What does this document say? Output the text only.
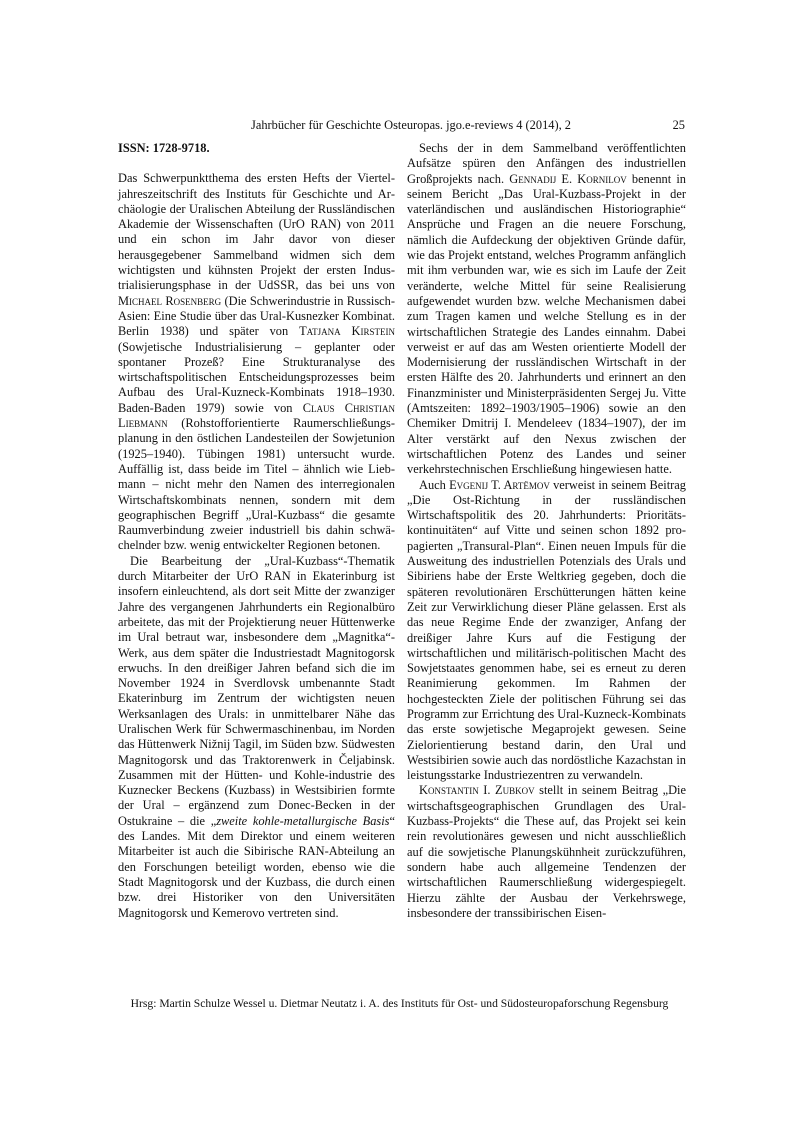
Jahrbücher für Geschichte Osteuropas. jgo.e-reviews 4 (2014), 2	25

ISSN: 1728-9718.

Das Schwerpunktthema des ersten Hefts der Vierteljahreszeitschrift des Instituts für Geschichte und Archäologie der Uralischen Abteilung der Russländischen Akademie der Wissenschaften (UrO RAN) von 2011 und ein schon im Jahr davor von dieser herausgegebener Sammelband widmen sich dem wichtigsten und kühnsten Projekt der ersten Industrialisierungsphase in der UdSSR, das bei uns von Michael Rosenberg (Die Schwerindustrie in Russisch-Asien: Eine Studie über das Ural-Kusnezker Kombinat. Berlin 1938) und später von Tatjana Kirstein (Sowjetische Industrialisierung – geplanter oder spontaner Prozeß? Eine Strukturanalyse des wirtschaftspolitischen Entscheidungsprozesses beim Aufbau des Ural-Kuzneck-Kombinats 1918–1930. Baden-Baden 1979) sowie von Claus Christian Liebmann (Rohstofforientierte Raumerschließungsplanung in den östlichen Landesteilen der Sowjetunion (1925–1940). Tübingen 1981) untersucht wurde. Auffällig ist, dass beide im Titel – ähnlich wie Liebmann – nicht mehr den Namen des interregionalen Wirtschaftskombinats nennen, sondern mit dem geographischen Begriff „Ural-Kuzbass“ die gesamte Raumverbindung zweier industriell bis dahin schwächelnder bzw. wenig entwickelter Regionen betonen.

Die Bearbeitung der „Ural-Kuzbass“-Thematik durch Mitarbeiter der UrO RAN in Ekaterinburg ist insofern einleuchtend, als dort seit Mitte der zwanziger Jahre des vergangenen Jahrhunderts ein Regionalbüro arbeitete, das mit der Projektierung neuer Hüttenwerke im Ural betraut war, insbesondere dem „Magnitka“-Werk, aus dem später die Industriestadt Magnitogorsk erwuchs. In den dreißiger Jahren befand sich die im November 1924 in Sverdlovsk umbenannte Stadt Ekaterinburg im Zentrum der wichtigsten neuen Werksanlagen des Urals: in unmittelbarer Nähe das Uralischen Werk für Schwermaschinenbau, im Norden das Hüttenwerk Nižnij Tagil, im Süden bzw. Südwesten Magnitogorsk und das Traktorenwerk in Čeljabinsk. Zusammen mit der Hütten- und Kohle-industrie des Kuznecker Beckens (Kuzbass) in Westsibirien formte der Ural – ergänzend zum Donec-Becken in der Ostukraine – die „zweite kohle-metallurgische Basis“ des Landes. Mit dem Direktor und einem weiteren Mitarbeiter ist auch die Sibirische RAN-Abteilung an den Forschungen beteiligt worden, ebenso wie die Stadt Magnitogorsk und der Kuzbass, die durch einen bzw. drei Historiker von den Universitäten Magnitogorsk und Kemerovo vertreten sind.

Sechs der in dem Sammelband veröffentlichten Aufsätze spüren den Anfängen des industriellen Großprojekts nach. Gennadij E. Kornilov benennt in seinem Bericht „Das Ural-Kuzbass-Projekt in der vaterländischen und ausländischen Historiographie“ Ansprüche und Fragen an die neuere Forschung, nämlich die Aufdeckung der objektiven Gründe dafür, wie das Projekt entstand, welches Programm anfänglich mit ihm verbunden war, wie es sich im Laufe der Zeit veränderte, welche Mittel für seine Realisierung aufgewendet wurden bzw. welche Mechanismen dabei zum Tragen kamen und welche Stellung es in der wirtschaftlichen Strategie des Landes einnahm. Dabei verweist er auf das am Westen orientierte Modell der Modernisierung der russländischen Wirtschaft in der ersten Hälfte des 20. Jahrhunderts und erinnert an den Finanzminister und Ministerpräsidenten Sergej Ju. Vitte (Amtszeiten: 1892–1903/1905–1906) sowie an den Chemiker Dmitrij I. Mendeleev (1834–1907), der im Alter verstärkt auf den Nexus zwischen der wirtschaftlichen Potenz des Landes und seiner verkehrstechnischen Erschließung hingewiesen hatte.

Auch Evgenij T. Artëmov verweist in seinem Beitrag „Die Ost-Richtung in der russländischen Wirtschaftspolitik des 20. Jahrhunderts: Prioritätskontinuitäten“ auf Vitte und seinen schon 1892 propagierten „Transural-Plan“. Einen neuen Impuls für die Ausweitung des industriellen Potenzials des Urals und Sibiriens habe der Erste Weltkrieg gegeben, doch die späteren revolutionären Erschütterungen hätten keine Zeit zur Verwirklichung dieser Pläne gelassen. Erst als das neue Regime Ende der zwanziger, Anfang der dreißiger Jahre Kurs auf die Festigung der wirtschaftlichen und militärisch-politischen Macht des Sowjetstaates genommen habe, sei es erneut zu deren Reanimierung gekommen. Im Rahmen der hochgesteckten Ziele der politischen Führung sei das Programm zur Errichtung des Ural-Kuzneck-Kombinats das erste sowjetische Megaprojekt gewesen. Seine Zielorientierung bestand darin, den Ural und Westsibirien sowie auch das nordöstliche Kazachstan in leistungsstarke Industriezentren zu verwandeln.

Konstantin I. Zubkov stellt in seinem Beitrag „Die wirtschaftsgeographischen Grundlagen des Ural-Kuzbass-Projekts“ die These auf, das Projekt sei kein rein revolutionäres gewesen und nicht ausschließlich auf die sowjetische Planungskühnheit zurückzuführen, sondern habe auch allgemeine Tendenzen der wirtschaftlichen Raumerschließung widergespiegelt. Hierzu zählte der Ausbau der Verkehrswege, insbesondere der transsibirischen Eisen-

Hrsg: Martin Schulze Wessel u. Dietmar Neutatz i. A. des Instituts für Ost- und Südosteuropaforschung Regensburg
